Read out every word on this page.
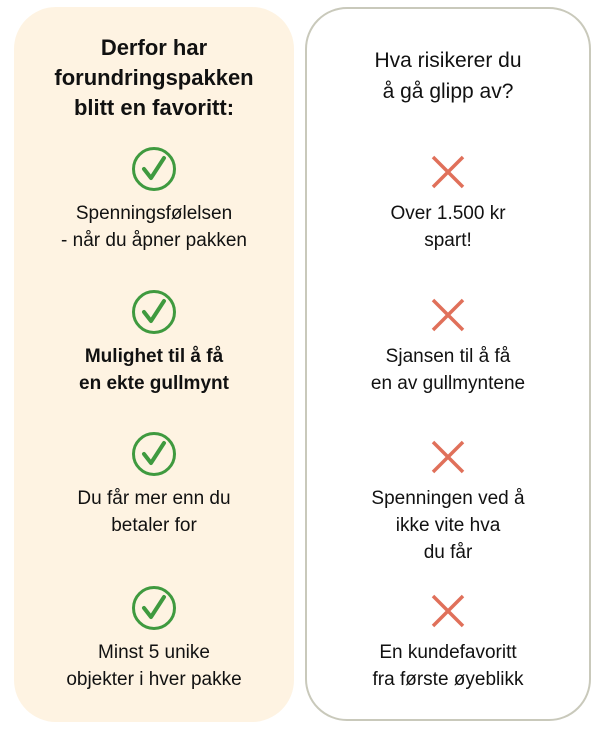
Derfor har
forundringspakken
blitt en favoritt:
Spenningsfølelsen
- når du åpner pakken
Mulighet til å få
en ekte gullmynt
Du får mer enn du
betaler for
Minst 5 unike
objekter i hver pakke
Hva risikerer du
å gå glipp av?
Over 1.500 kr
spart!
Sjansen til å få
en av gullmyntene
Spenningen ved å
ikke vite hva
du får
En kundefavoritt
fra første øyeblikk
